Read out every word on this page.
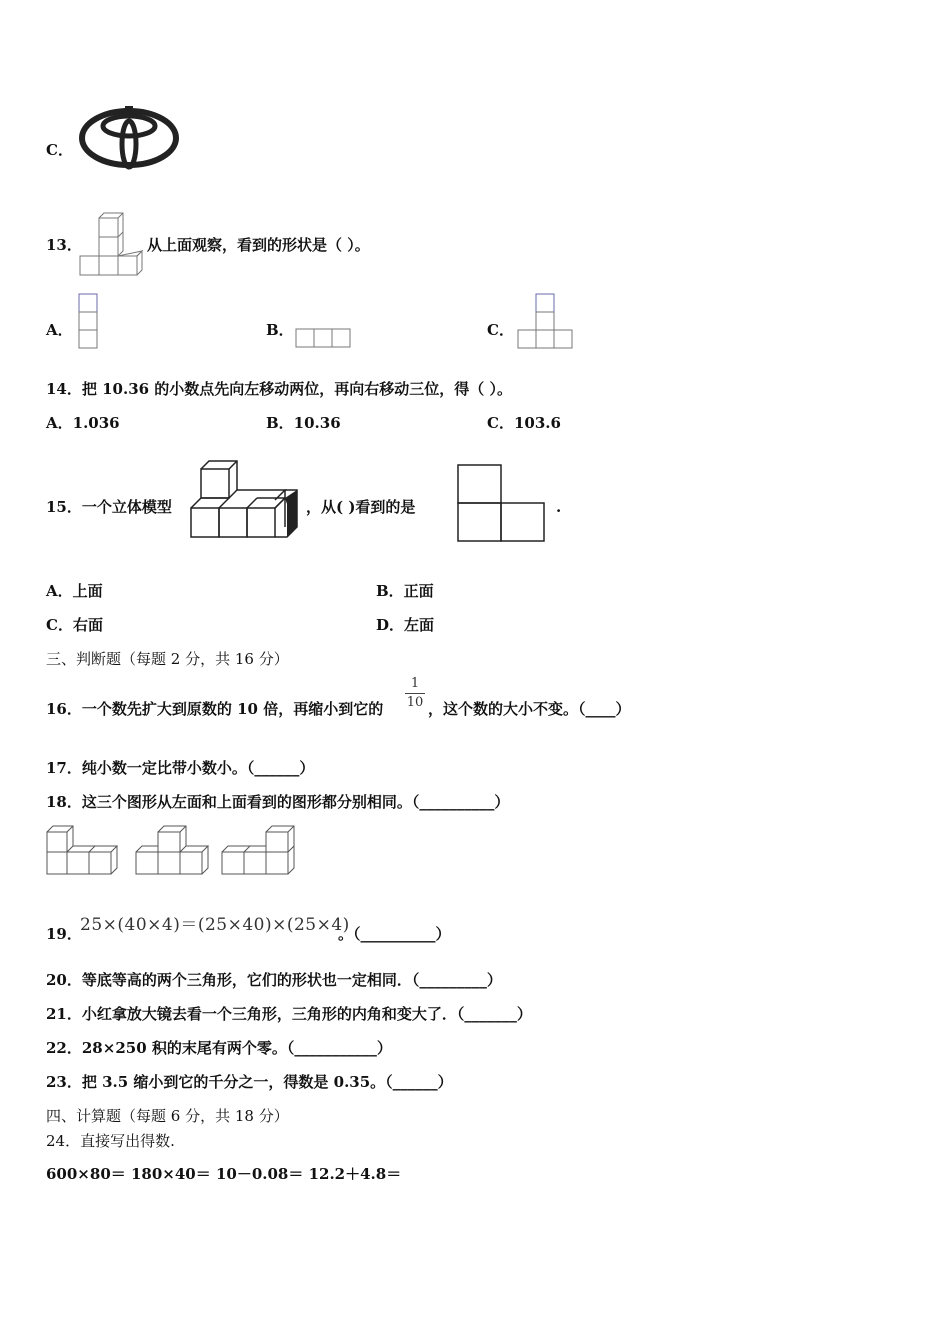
C．
13．	从上面观察，看到的形状是（ ）。
A．	B．	C．
14．把 10.36 的小数点先向左移动两位，再向右移动三位，得（ ）。
A．1.036	B．10.36	C．103.6
15．一个立体模型	，从( )看到的是	.
A．上面	B．正面
C．右面	D．左面
三、判断题（每题 2 分，共 16 分）
16．一个数先扩大到原数的 10 倍，再缩小到它的
1
10 ，这个数的大小不变。（____）
17．纯小数一定比带小数小。（______）
18．这三个图形从左面和上面看到的图形都分别相同。（__________）
19．
25×(40×4)＝(25×40)×(25×4)
。（__________）
20．等底等高的两个三角形，它们的形状也一定相同．（_________）
21．小红拿放大镜去看一个三角形，三角形的内角和变大了．（_______）
22．28×250 积的末尾有两个零。（___________）
23．把 3.5 缩小到它的千分之一，得数是 0.35。（______）
四、计算题（每题 6 分，共 18 分）
24．直接写出得数.
600×80＝ 180×40＝ 10－0.08＝ 12.2＋4.8＝
